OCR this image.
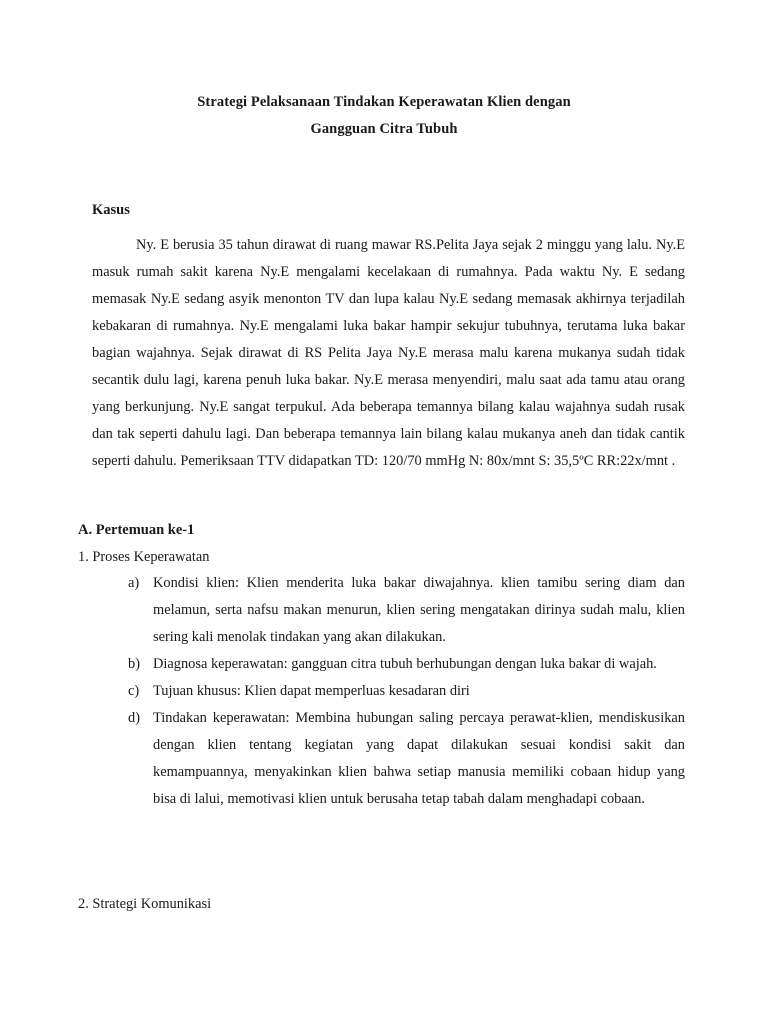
Strategi Pelaksanaan Tindakan Keperawatan Klien dengan
Gangguan Citra Tubuh
Kasus

Ny. E berusia 35 tahun dirawat di ruang mawar RS.Pelita Jaya sejak 2 minggu yang lalu. Ny.E masuk rumah sakit karena Ny.E mengalami kecelakaan di rumahnya. Pada waktu Ny. E sedang memasak Ny.E sedang asyik menonton TV dan lupa kalau Ny.E sedang memasak akhirnya terjadilah kebakaran di rumahnya. Ny.E mengalami luka bakar hampir sekujur tubuhnya, terutama luka bakar bagian wajahnya. Sejak dirawat di RS Pelita Jaya Ny.E merasa malu karena mukanya sudah tidak secantik dulu lagi, karena penuh luka bakar. Ny.E merasa menyendiri, malu saat ada tamu atau orang yang berkunjung. Ny.E sangat terpukul. Ada beberapa temannya bilang kalau wajahnya sudah rusak dan tak seperti dahulu lagi. Dan beberapa temannya lain bilang kalau mukanya aneh dan tidak cantik seperti dahulu. Pemeriksaan TTV didapatkan TD: 120/70 mmHg N: 80x/mnt S: 35,5ºC RR:22x/mnt .

A. Pertemuan ke-1
1. Proses Keperawatan
a) Kondisi klien: Klien menderita luka bakar diwajahnya. klien tamibu sering diam dan melamun, serta nafsu makan menurun, klien sering mengatakan dirinya sudah malu, klien sering kali menolak tindakan yang akan dilakukan.
b) Diagnosa keperawatan: gangguan citra tubuh berhubungan dengan luka bakar di wajah.
c) Tujuan khusus: Klien dapat memperluas kesadaran diri
d) Tindakan keperawatan: Membina hubungan saling percaya perawat-klien, mendiskusikan dengan klien tentang kegiatan yang dapat dilakukan sesuai kondisi sakit dan kemampuannya, menyakinkan klien bahwa setiap manusia memiliki cobaan hidup yang bisa di lalui, memotivasi klien untuk berusaha tetap tabah dalam menghadapi cobaan.
2. Strategi Komunikasi
